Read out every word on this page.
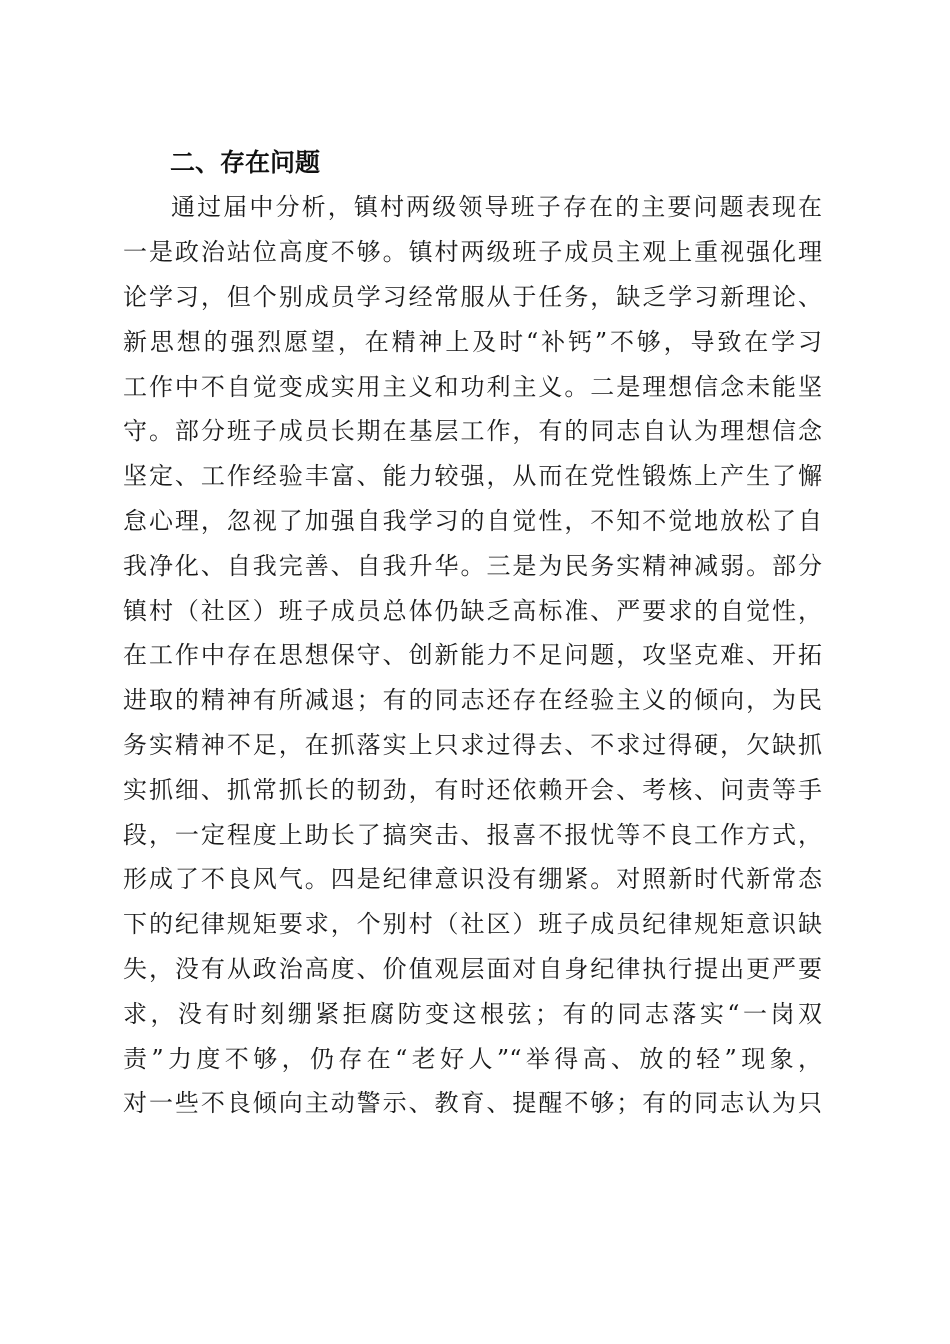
二、存在问题
通过届中分析，镇村两级领导班子存在的主要问题表现在
一是政治站位高度不够。镇村两级班子成员主观上重视强化理
论学习，但个别成员学习经常服从于任务，缺乏学习新理论、
新思想的强烈愿望，在精神上及时“补钙”不够，导致在学习
工作中不自觉变成实用主义和功利主义。二是理想信念未能坚
守。部分班子成员长期在基层工作，有的同志自认为理想信念
坚定、工作经验丰富、能力较强，从而在党性锻炼上产生了懈
怠心理，忽视了加强自我学习的自觉性，不知不觉地放松了自
我净化、自我完善、自我升华。三是为民务实精神减弱。部分
镇村（社区）班子成员总体仍缺乏高标准、严要求的自觉性，
在工作中存在思想保守、创新能力不足问题，攻坚克难、开拓
进取的精神有所减退；有的同志还存在经验主义的倾向，为民
务实精神不足，在抓落实上只求过得去、不求过得硬，欠缺抓
实抓细、抓常抓长的韧劲，有时还依赖开会、考核、问责等手
段，一定程度上助长了搞突击、报喜不报忧等不良工作方式，
形成了不良风气。四是纪律意识没有绷紧。对照新时代新常态
下的纪律规矩要求，个别村（社区）班子成员纪律规矩意识缺
失，没有从政治高度、价值观层面对自身纪律执行提出更严要
求，没有时刻绷紧拒腐防变这根弦；有的同志落实“一岗双
责”力度不够，仍存在“老好人”“举得高、放的轻”现象，
对一些不良倾向主动警示、教育、提醒不够；有的同志认为只
